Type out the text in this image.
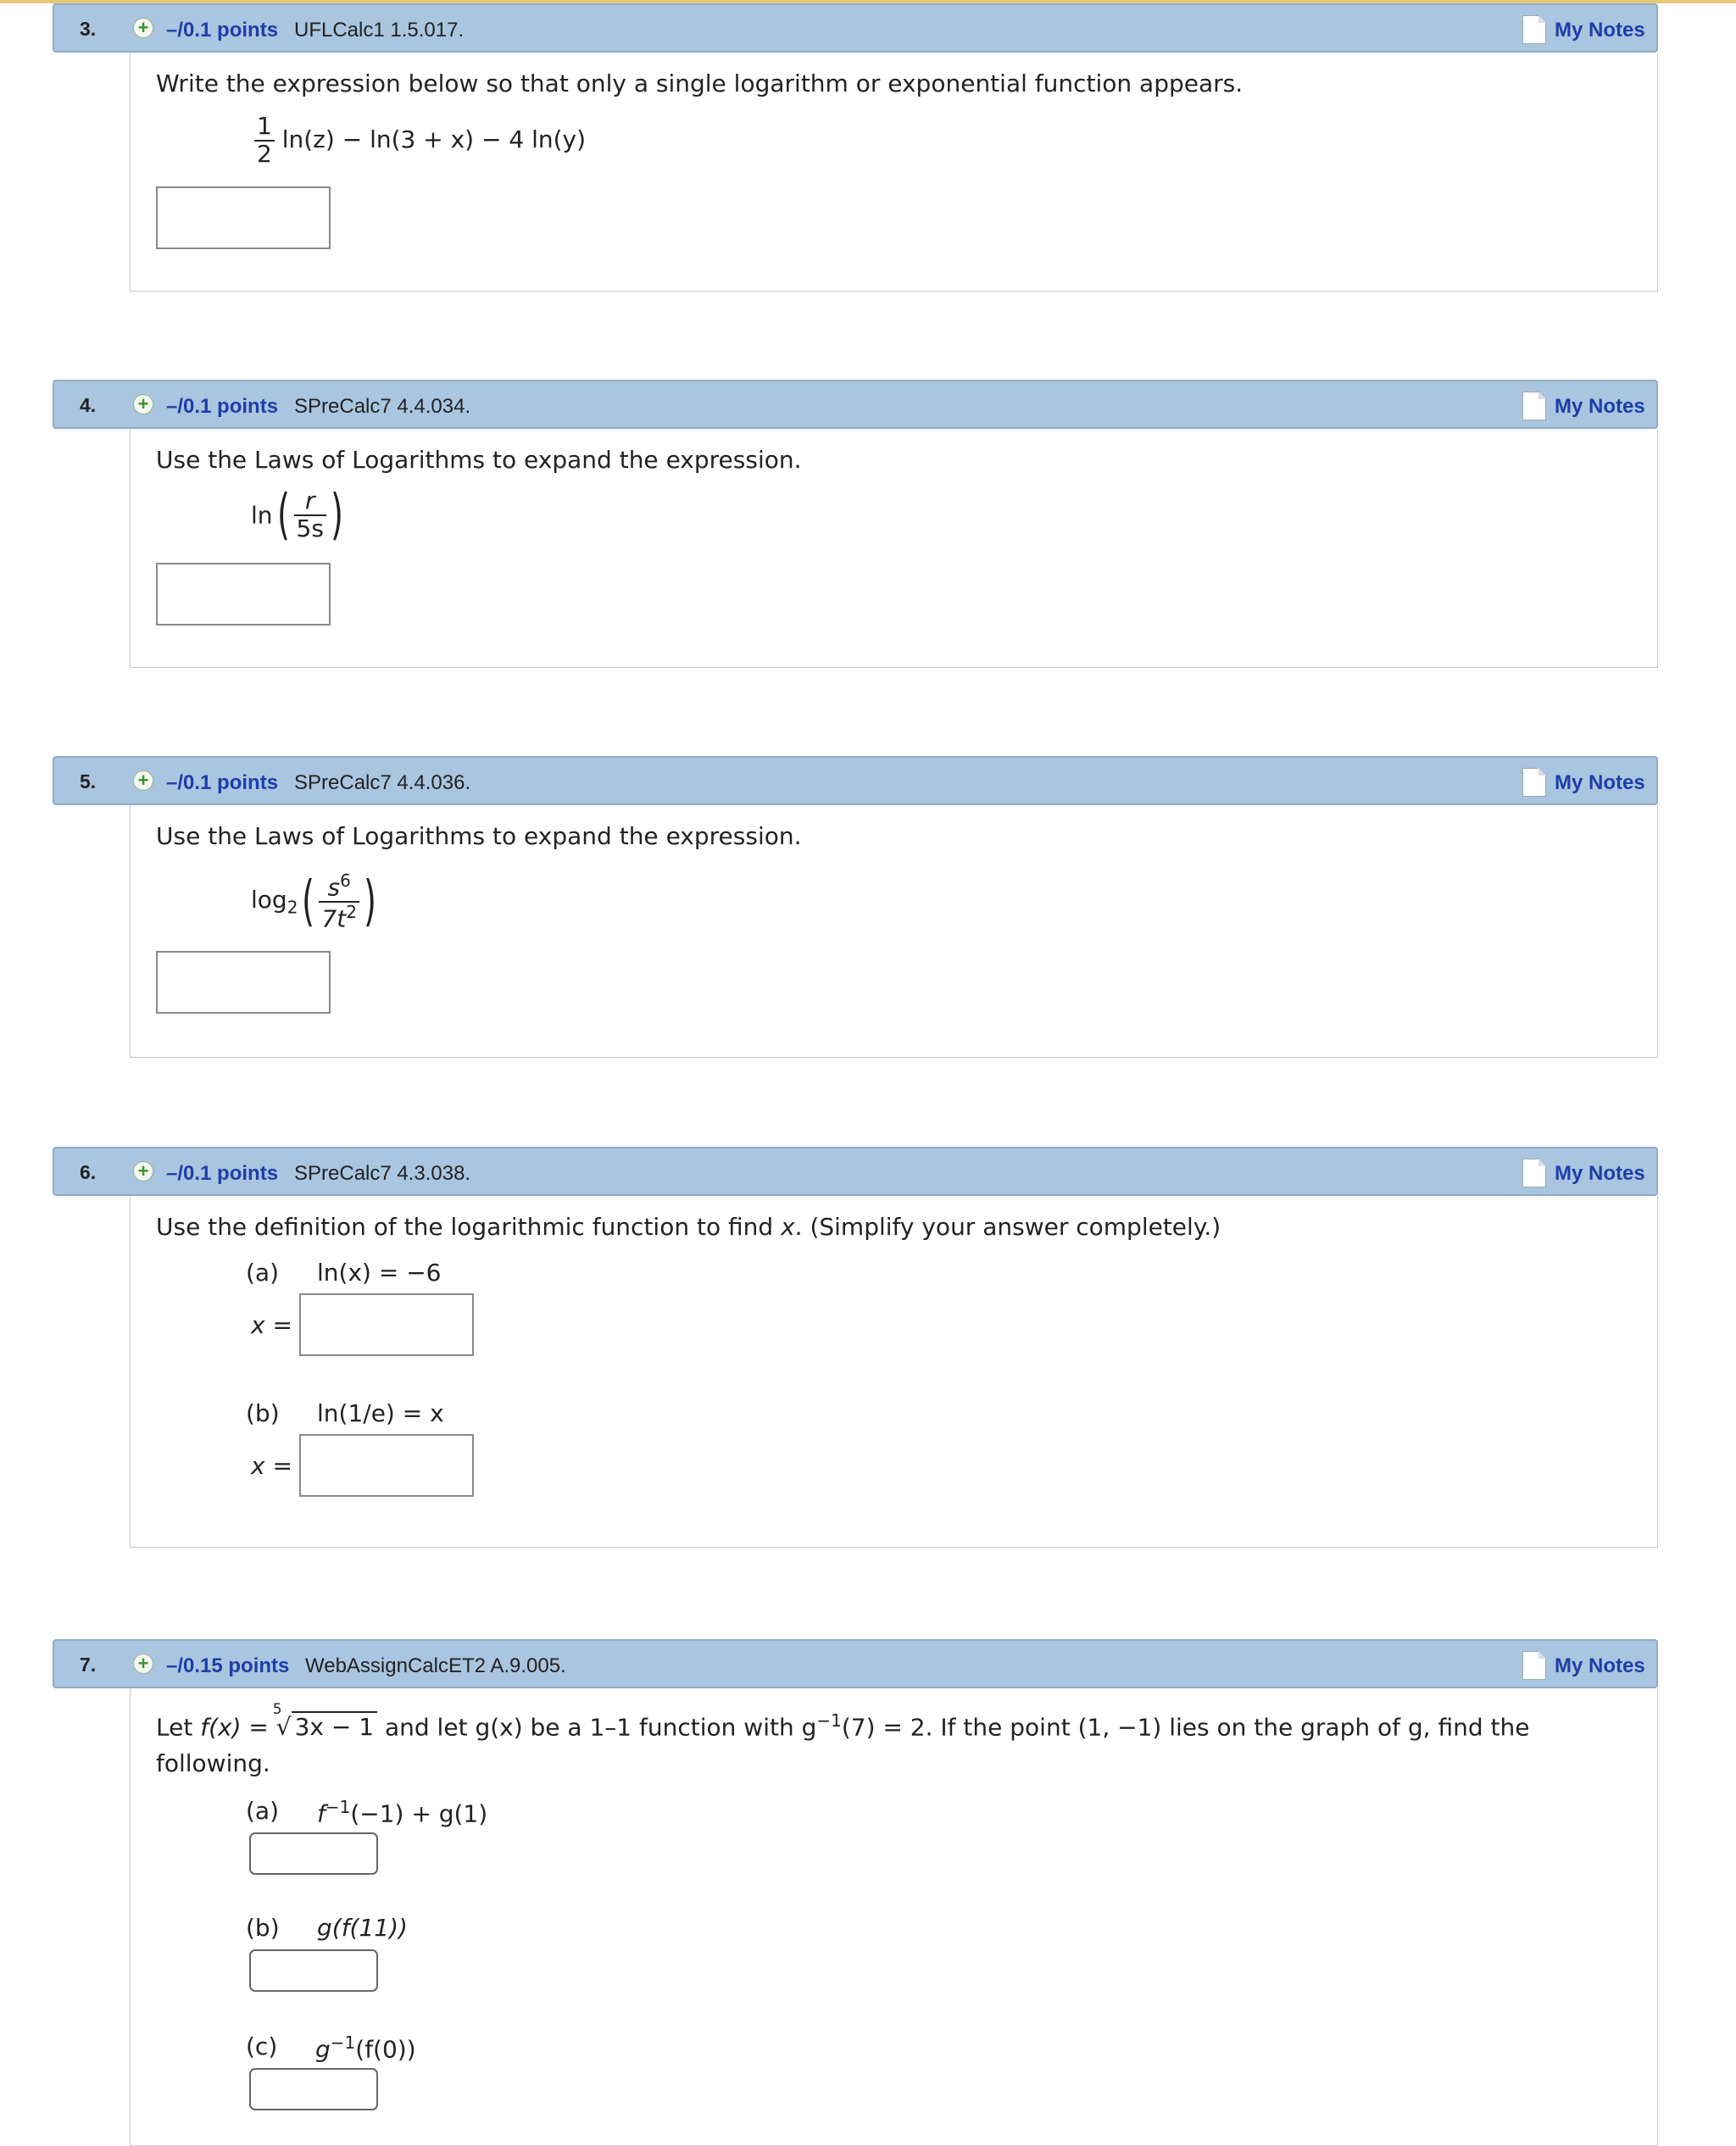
3. + –/0.1 points UFLCalc1 1.5.017.	My Notes
Write the expression below so that only a single logarithm or exponential function appears.
$\frac{1}{2} \ln(z) - \ln(3 + x) - 4$ ln(y)
4. + –/0.1 points SPreCalc7 4.4.034.	My Notes
Use the Laws of Logarithms to expand the expression.
$\ln( \frac{r}{5s}$ )
5. + –/0.1 points SPreCalc7 4.4.036.	My Notes
Use the Laws of Logarithms to expand the expression.
$\log_2( \frac{s^6}{7t^2}$ )
6. + –/0.1 points SPreCalc7 4.3.038.	My Notes
Use the definition of the logarithmic function to find x. (Simplify your answer completely.)
(a) ln(x) = −6
x =
(b) ln(1/e) = x
x =
7. + –/0.15 points WebAssignCalcET2 A.9.005.	My Notes
Let f(x) =
5
√ 3x − 1 and let g(x) be a 1–1 function with $g^{-1}(7) = 2$. If the point (1, −1) lies on the graph of g, find the
following.
(a) $f^{-1}(-1) + g(1)$
(b) g(f(11))
(c) $g^{-1}(f(0))$
